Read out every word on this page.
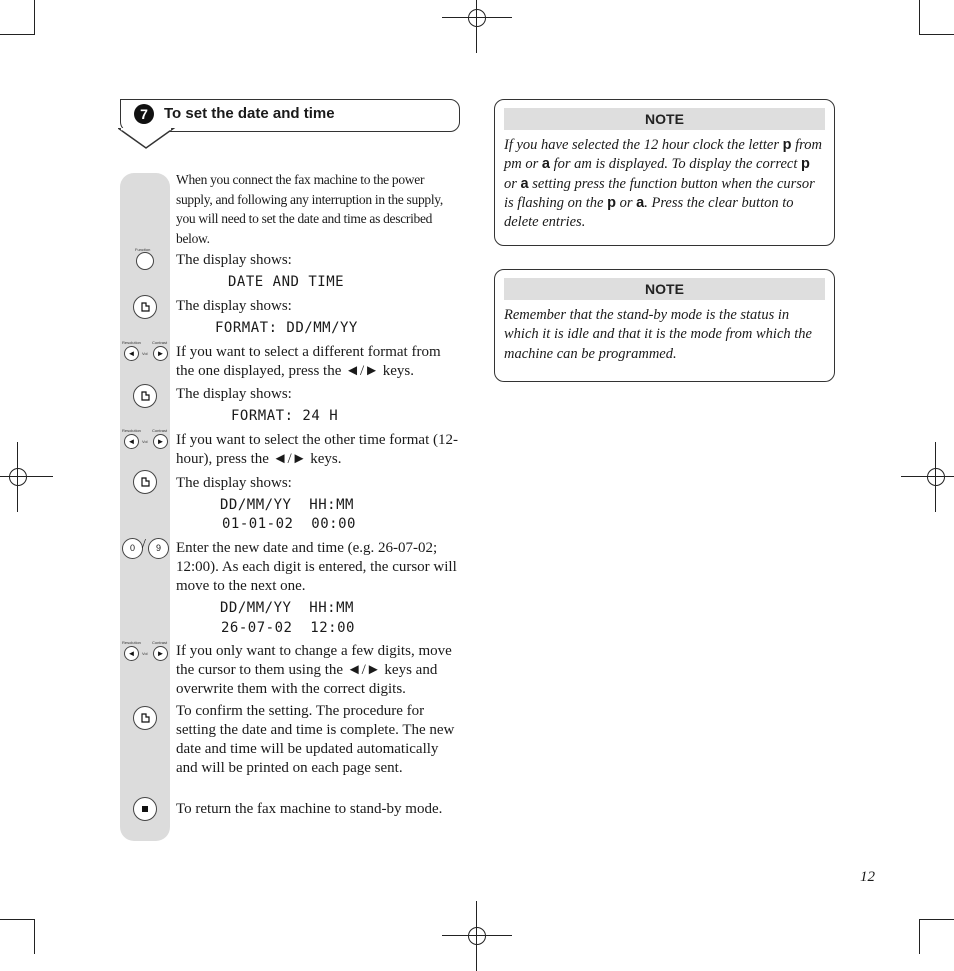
7	To set the date and time
When you connect the fax machine to the power supply, and following any interruption in the supply, you will need to set the date and time as described below.
Function
The display shows:
DATE AND TIME
The display shows:
FORMAT: DD/MM/YY
Resolution	Contrast
◄	Vol	► If you want to select a different format from the one displayed, press the ◄/► keys.
The display shows:
FORMAT: 24 H
Resolution	Contrast
◄	Vol	► If you want to select the other time format (12-hour), press the ◄/► keys.
The display shows:
DD/MM/YY  HH:MM
01-01-02  00:00
0 /	9	Enter the new date and time (e.g. 26-07-02; 12:00). As each digit is entered, the cursor will move to the next one.
DD/MM/YY  HH:MM
26-07-02  12:00
Resolution	Contrast
◄	Vol	► If you only want to change a few digits, move the cursor to them using the ◄/► keys and overwrite them with the correct digits.
To confirm the setting. The procedure for setting the date and time is complete. The new date and time will be updated automatically and will be printed on each page sent.
To return the fax machine to stand-by mode.
NOTE
If you have selected the 12 hour clock the letter p from pm or a for am is displayed. To display the correct p or a setting press the function button when the cursor is flashing on the p or a. Press the clear button to delete entries.
NOTE
Remember that the stand-by mode is the status in which it is idle and that it is the mode from which the machine can be programmed.
12
